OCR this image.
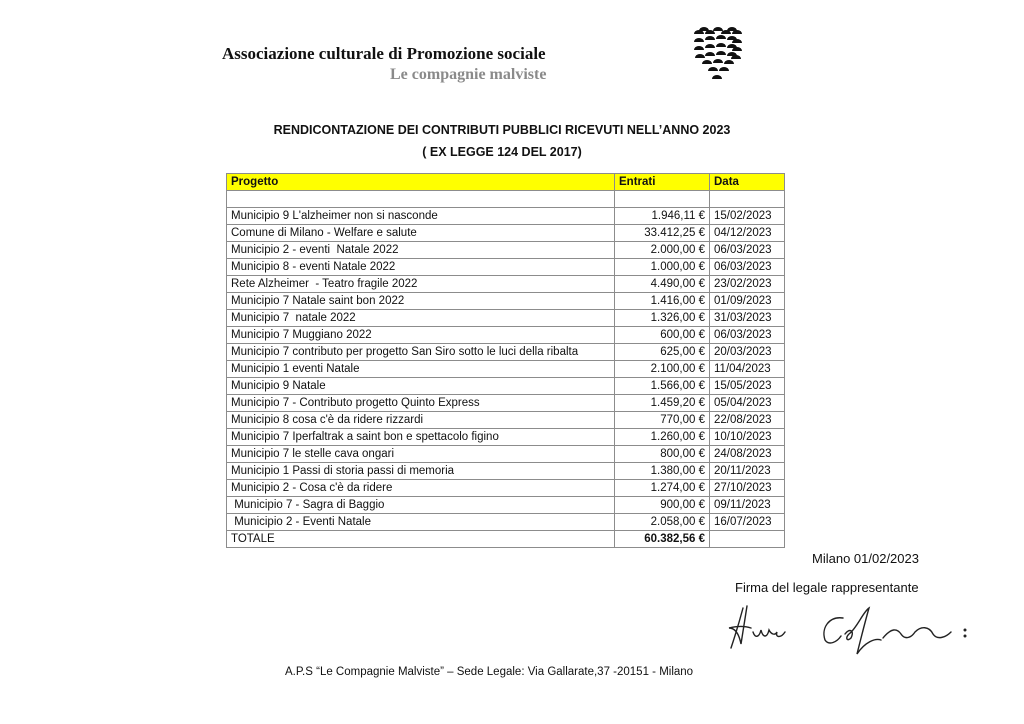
Associazione culturale di Promozione sociale
Le compagnie malviste
RENDICONTAZIONE DEI CONTRIBUTI PUBBLICI RICEVUTI NELL’ANNO 2023
( EX LEGGE 124 DEL 2017)
Progetto	Entrati	Data

Municipio 9 L'alzheimer non si nasconde	1.946,11 €	15/02/2023
Comune di Milano - Welfare e salute	33.412,25 €	04/12/2023
Municipio 2 - eventi  Natale 2022	2.000,00 €	06/03/2023
Municipio 8 - eventi Natale 2022	1.000,00 €	06/03/2023
Rete Alzheimer  - Teatro fragile 2022	4.490,00 €	23/02/2023
Municipio 7 Natale saint bon 2022	1.416,00 €	01/09/2023
Municipio 7  natale 2022	1.326,00 €	31/03/2023
Municipio 7 Muggiano 2022	600,00 €	06/03/2023
Municipio 7 contributo per progetto San Siro sotto le luci della ribalta	625,00 €	20/03/2023
Municipio 1 eventi Natale	2.100,00 €	11/04/2023
Municipio 9 Natale	1.566,00 €	15/05/2023
Municipio 7 - Contributo progetto Quinto Express	1.459,20 €	05/04/2023
Municipio 8 cosa c'è da ridere rizzardi	770,00 €	22/08/2023
Municipio 7 Iperfaltrak a saint bon e spettacolo figino	1.260,00 €	10/10/2023
Municipio 7 le stelle cava ongari	800,00 €	24/08/2023
Municipio 1 Passi di storia passi di memoria	1.380,00 €	20/11/2023
Municipio 2 - Cosa c'è da ridere	1.274,00 €	27/10/2023
Municipio 7 - Sagra di Baggio	900,00 €	09/11/2023
Municipio 2 - Eventi Natale	2.058,00 €	16/07/2023
TOTALE	60.382,56 €	
Milano 01/02/2023
Firma del legale rappresentante
A.P.S “Le Compagnie Malviste” – Sede Legale: Via Gallarate,37 -20151 - Milano
